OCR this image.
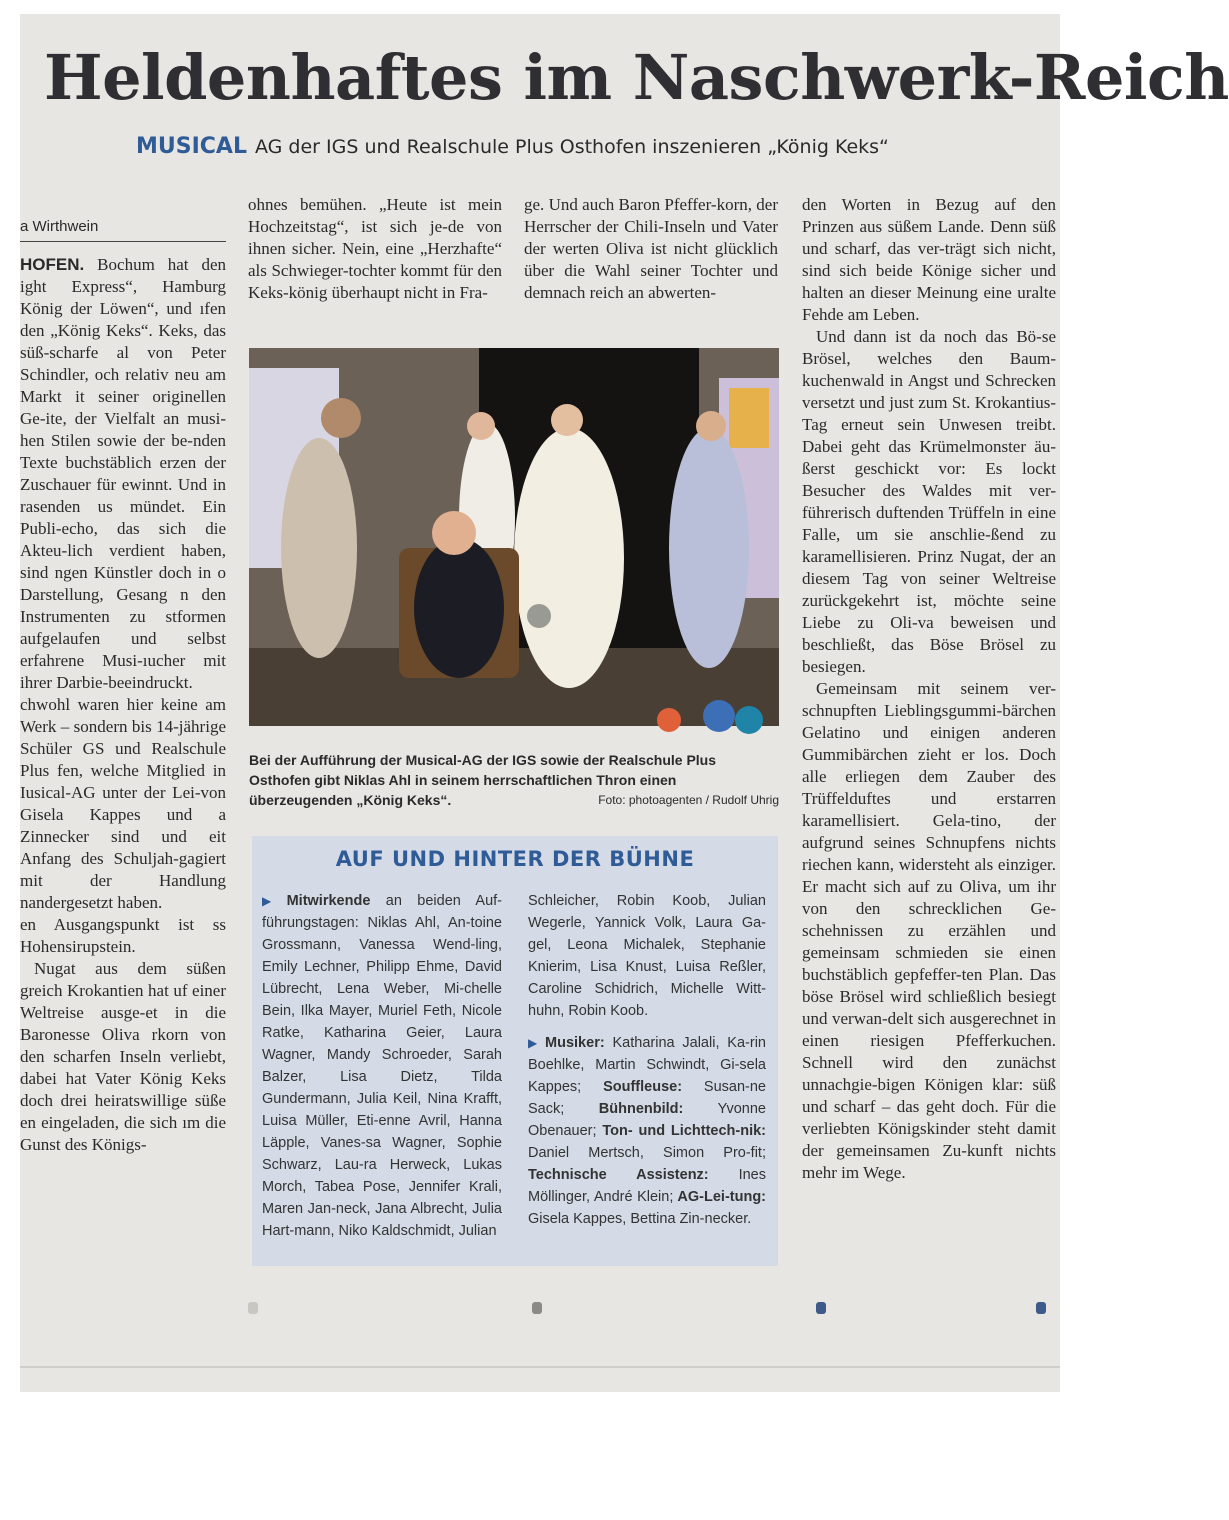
Heldenhaftes im Naschwerk-Reich
MUSICAL AG der IGS und Realschule Plus Osthofen inszenieren „König Keks“
a Wirthwein

HOFEN. Bochum hat den ight Express“, Hamburg König der Löwen“, und ıfen den „König Keks“. Keks, das süß-scharfe al von Peter Schindler, och relativ neu am Markt it seiner originellen Ge-ite, der Vielfalt an musi-hen Stilen sowie der be-nden Texte buchstäblich erzen der Zuschauer für ewinnt. Und in rasenden us mündet. Ein Publi-echo, das sich die Akteu-lich verdient haben, sind ngen Künstler doch in o Darstellung, Gesang n den Instrumenten zu stformen aufgelaufen und selbst erfahrene Musi-ıucher mit ihrer Darbie-beeindruckt.

chwohl waren hier keine am Werk – sondern bis 14-jährige Schüler GS und Realschule Plus fen, welche Mitglied in Iusical-AG unter der Lei-von Gisela Kappes und a Zinnecker sind und eit Anfang des Schuljah-gagiert mit der Handlung nandergesetzt haben.

en Ausgangspunkt ist ss Hohensirupstein.

Nugat aus dem süßen greich Krokantien hat uf einer Weltreise ausge-et in die Baronesse Oliva rkorn von den scharfen Inseln verliebt, dabei hat Vater König Keks doch drei heiratswillige süße en eingeladen, die sich ım die Gunst des Königs-

ohnes bemühen. „Heute ist mein Hochzeitstag“, ist sich je-de von ihnen sicher. Nein, eine „Herzhafte“ als Schwieger-tochter kommt für den Keks-könig überhaupt nicht in Fra-

ge. Und auch Baron Pfeffer-korn, der Herrscher der Chili-Inseln und Vater der werten Oliva ist nicht glücklich über die Wahl seiner Tochter und demnach reich an abwerten-

den Worten in Bezug auf den Prinzen aus süßem Lande. Denn süß und scharf, das ver-trägt sich nicht, sind sich beide Könige sicher und halten an dieser Meinung eine uralte Fehde am Leben.

Und dann ist da noch das Bö-se Brösel, welches den Baum-kuchenwald in Angst und Schrecken versetzt und just zum St. Krokantius-Tag erneut sein Unwesen treibt. Dabei geht das Krümelmonster äu-ßerst geschickt vor: Es lockt Besucher des Waldes mit ver-führerisch duftenden Trüffeln in eine Falle, um sie anschlie-ßend zu karamellisieren. Prinz Nugat, der an diesem Tag von seiner Weltreise zurückgekehrt ist, möchte seine Liebe zu Oli-va beweisen und beschließt, das Böse Brösel zu besiegen.

Gemeinsam mit seinem ver-schnupften Lieblingsgummi-bärchen Gelatino und einigen anderen Gummibärchen zieht er los. Doch alle erliegen dem Zauber des Trüffelduftes und erstarren karamellisiert. Gela-tino, der aufgrund seines Schnupfens nichts riechen kann, widersteht als einziger. Er macht sich auf zu Oliva, um ihr von den schrecklichen Ge-schehnissen zu erzählen und gemeinsam schmieden sie einen buchstäblich gepfeffer-ten Plan. Das böse Brösel wird schließlich besiegt und verwan-delt sich ausgerechnet in einen riesigen Pfefferkuchen. Schnell wird den zunächst unnachgie-bigen Königen klar: süß und scharf – das geht doch. Für die verliebten Königskinder steht damit der gemeinsamen Zu-kunft nichts mehr im Wege.

Bei der Aufführung der Musical-AG der IGS sowie der Realschule Plus Osthofen gibt Niklas Ahl in seinem herrschaftlichen Thron einen überzeugenden „König Keks“.	Foto: photoagenten / Rudolf Uhrig
AUF UND HINTER DER BÜHNE

▶ Mitwirkende an beiden Auf-führungstagen: Niklas Ahl, An-toine Grossmann, Vanessa Wend-ling, Emily Lechner, Philipp Ehme, David Lübrecht, Lena Weber, Mi-chelle Bein, Ilka Mayer, Muriel Feth, Nicole Ratke, Katharina Geier, Laura Wagner, Mandy Schroeder, Sarah Balzer, Lisa Dietz, Tilda Gundermann, Julia Keil, Nina Krafft, Luisa Müller, Eti-enne Avril, Hanna Läpple, Vanes-sa Wagner, Sophie Schwarz, Lau-ra Herweck, Lukas Morch, Tabea Pose, Jennifer Krali, Maren Jan-neck, Jana Albrecht, Julia Hart-mann, Niko Kaldschmidt, Julian

Schleicher, Robin Koob, Julian Wegerle, Yannick Volk, Laura Ga-gel, Leona Michalek, Stephanie Knierim, Lisa Knust, Luisa Reßler, Caroline Schidrich, Michelle Witt-huhn, Robin Koob.

▶ Musiker: Katharina Jalali, Ka-rin Boehlke, Martin Schwindt, Gi-sela Kappes; Souffleuse: Susan-ne Sack; Bühnenbild: Yvonne Obenauer; Ton- und Lichttech-nik: Daniel Mertsch, Simon Pro-fit; Technische Assistenz: Ines Möllinger, André Klein; AG-Lei-tung: Gisela Kappes, Bettina Zin-necker.
